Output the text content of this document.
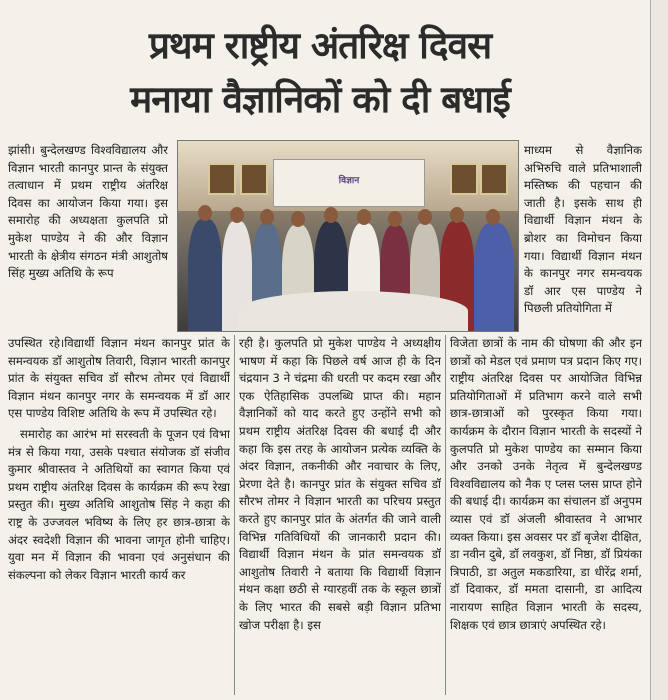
प्रथम राष्ट्रीय अंतरिक्ष दिवस
मनाया वैज्ञानिकों को दी बधाई

झांसी। बुन्देलखण्ड विश्वविद्यालय और विज्ञान भारती कानपुर प्रान्त के संयुक्त तत्वाधान में प्रथम राष्ट्रीय अंतरिक्ष दिवस का आयोजन किया गया। इस समारोह की अध्यक्षता कुलपति प्रो मुकेश पाण्डेय ने की और विज्ञान भारती के क्षेत्रीय संगठन मंत्री आशुतोष सिंह मुख्य अतिथि के रूप

विज्ञान

माध्यम से वैज्ञानिक अभिरुचि वाले प्रतिभाशाली मस्तिष्क की पहचान की जाती है। इसके साथ ही विद्यार्थी विज्ञान मंथन के ब्रोशर का विमोचन किया गया। विद्यार्थी विज्ञान मंथन के कानपुर नगर समन्वयक डॉ आर एस पाण्डेय ने पिछली प्रतियोगिता में

उपस्थित रहे।विद्यार्थी विज्ञान मंथन कानपुर प्रांत के समन्वयक डॉ आशुतोष तिवारी, विज्ञान भारती कानपुर प्रांत के संयुक्त सचिव डॉ सौरभ तोमर एवं विद्यार्थी विज्ञान मंथन कानपुर नगर के समन्वयक में डॉ आर एस पाण्डेय विशिष्ट अतिथि के रूप में उपस्थित रहे।

समारोह का आरंभ मां सरस्वती के पूजन एवं विभा मंत्र से किया गया, उसके पश्चात संयोजक डॉ संजीव कुमार श्रीवास्तव ने अतिथियों का स्वागत किया एवं प्रथम राष्ट्रीय अंतरिक्ष दिवस के कार्यक्रम की रूप रेखा प्रस्तुत की। मुख्य अतिथि आशुतोष सिंह ने कहा की राष्ट्र के उज्जवल भविष्य के लिए हर छात्र-छात्रा के अंदर स्वदेशी विज्ञान की भावना जागृत होनी चाहिए। युवा मन में विज्ञान की भावना एवं अनुसंधान की संकल्पना को लेकर विज्ञान भारती कार्य कर

रही है। कुलपति प्रो मुकेश पाण्डेय ने अध्यक्षीय भाषण में कहा कि पिछले वर्ष आज ही के दिन चंद्रयान 3 ने चंद्रमा की धरती पर कदम रखा और एक ऐतिहासिक उपलब्धि प्राप्त की। महान वैज्ञानिकों को याद करते हुए उन्होंने सभी को प्रथम राष्ट्रीय अंतरिक्ष दिवस की बधाई दी और कहा कि इस तरह के आयोजन प्रत्येक व्यक्ति के अंदर विज्ञान, तकनीकी और नवाचार के लिए, प्रेरणा देते है। कानपुर प्रांत के संयुक्त सचिव डॉ सौरभ तोमर ने विज्ञान भारती का परिचय प्रस्तुत करते हुए कानपुर प्रांत के अंतर्गत की जाने वाली विभिन्न गतिविधियों की जानकारी प्रदान की। विद्यार्थी विज्ञान मंथन के प्रांत समन्वयक डॉ आशुतोष तिवारी ने बताया कि विद्यार्थी विज्ञान मंथन कक्षा छठी से ग्यारहवीं तक के स्कूल छात्रों के लिए भारत की सबसे बड़ी विज्ञान प्रतिभा खोज परीक्षा है। इस

विजेता छात्रों के नाम की घोषणा की और इन छात्रों को मेडल एवं प्रमाण पत्र प्रदान किए गए। राष्ट्रीय अंतरिक्ष दिवस पर आयोजित विभिन्न प्रतियोगिताओं में प्रतिभाग करने वाले सभी छात्र-छात्राओं को पुरस्कृत किया गया। कार्यक्रम के दौरान विज्ञान भारती के सदस्यों ने कुलपति प्रो मुकेश पाण्डेय का सम्मान किया और उनको उनके नेतृत्व में बुन्देलखण्ड विश्वविद्यालय को नैक ए प्लस प्लस प्राप्त होने की बधाई दी। कार्यक्रम का संचालन डॉ अनुपम व्यास एवं डॉ अंजली श्रीवास्तव ने आभार व्यक्त किया। इस अवसर पर डॉ बृजेश दीक्षित, डा नवीन दुबे, डॉ लवकुश, डॉ निष्ठा, डॉ प्रियंका त्रिपाठी, डा अतुल मकडारिया, डा धीरेंद्र शर्मा, डॉ दिवाकर, डॉ ममता दासानी, डा आदित्य नारायण साहित विज्ञान भारती के सदस्य, शिक्षक एवं छात्र छात्राएं अपस्थित रहे।
